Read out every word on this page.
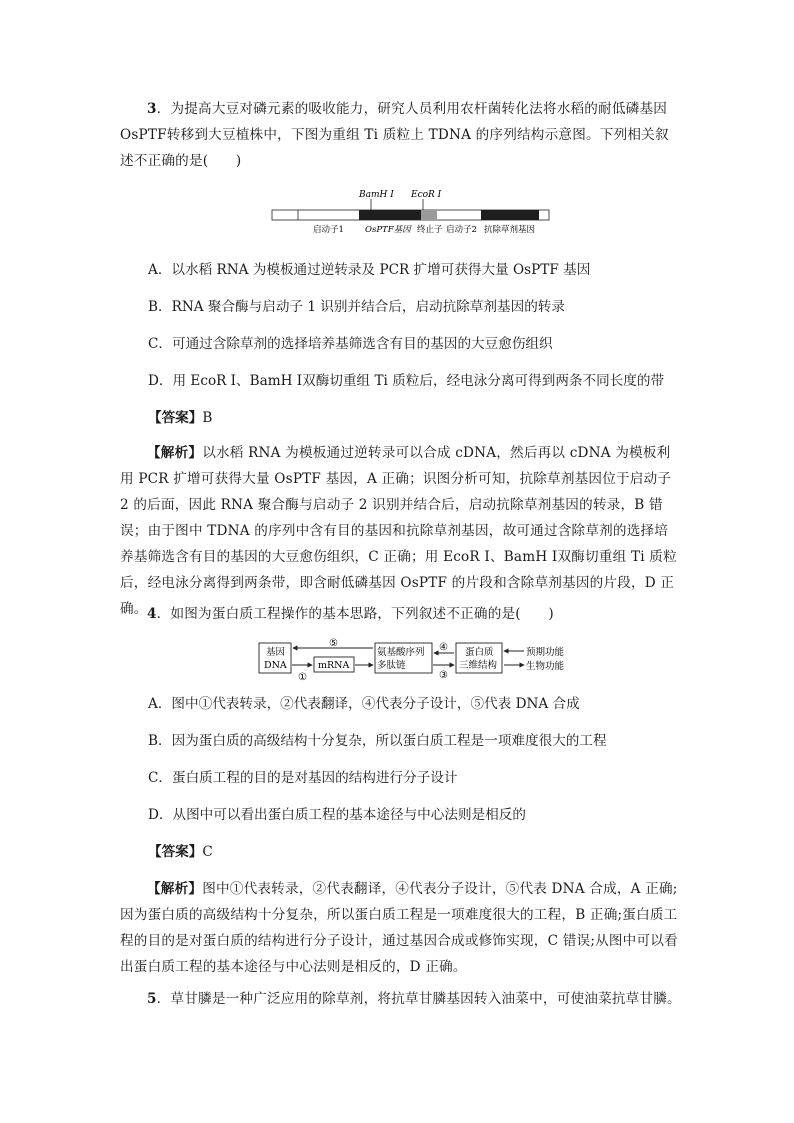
3．为提高大豆对磷元素的吸收能力，研究人员利用农杆菌转化法将水稻的耐低磷基因OsPTF转移到大豆植株中，下图为重组 Ti 质粒上 TDNA 的序列结构示意图。下列相关叙述不正确的是(　　)
BamH Ⅰ EcoR Ⅰ
启动子1 OsPTF基因 终止子 启动子2 抗除草剂基因
A．以水稻 RNA 为模板通过逆转录及 PCR 扩增可获得大量 OsPTF 基因
B．RNA 聚合酶与启动子 1 识别并结合后，启动抗除草剂基因的转录
C．可通过含除草剂的选择培养基筛选含有目的基因的大豆愈伤组织
D．用 EcoR Ⅰ、BamH Ⅰ双酶切重组 Ti 质粒后，经电泳分离可得到两条不同长度的带
【答案】B
【解析】以水稻 RNA 为模板通过逆转录可以合成 cDNA，然后再以 cDNA 为模板利用 PCR 扩增可获得大量 OsPTF 基因，A 正确；识图分析可知，抗除草剂基因位于启动子 2 的后面，因此 RNA 聚合酶与启动子 2 识别并结合后，启动抗除草剂基因的转录，B 错误；由于图中 TDNA 的序列中含有目的基因和抗除草剂基因，故可通过含除草剂的选择培养基筛选含有目的基因的大豆愈伤组织，C 正确；用 EcoR Ⅰ、BamH Ⅰ双酶切重组 Ti 质粒后，经电泳分离得到两条带，即含耐低磷基因 OsPTF 的片段和含除草剂基因的片段，D 正确。 4．如图为蛋白质工程操作的基本思路，下列叙述不正确的是(　　)
基因
DNA	mRNA
氨基酸序列
多肽链
蛋白质
三维结构
⑤
①
④
③
预期功能
生物功能
A．图中①代表转录，②代表翻译，④代表分子设计，⑤代表 DNA 合成
B．因为蛋白质的高级结构十分复杂，所以蛋白质工程是一项难度很大的工程
C．蛋白质工程的目的是对基因的结构进行分子设计
D．从图中可以看出蛋白质工程的基本途径与中心法则是相反的
【答案】C
【解析】图中①代表转录，②代表翻译，④代表分子设计，⑤代表 DNA 合成，A 正确;因为蛋白质的高级结构十分复杂，所以蛋白质工程是一项难度很大的工程，B 正确;蛋白质工程的目的是对蛋白质的结构进行分子设计，通过基因合成或修饰实现，C 错误;从图中可以看出蛋白质工程的基本途径与中心法则是相反的，D 正确。
5．草甘膦是一种广泛应用的除草剂，将抗草甘膦基因转入油菜中，可使油菜抗草甘膦。
